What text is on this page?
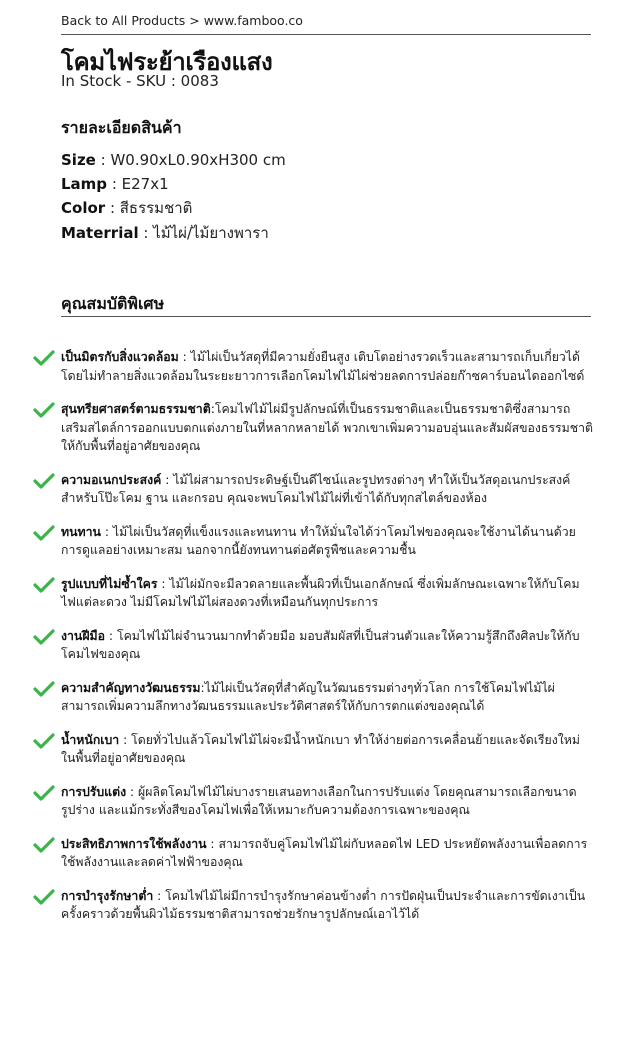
Back to All Products > www.famboo.co
โคมไฟระย้าเรืองแสง
In Stock - SKU : 0083
รายละเอียดสินค้า
Size : W0.90xL0.90xH300 cm
Lamp : E27x1
Color : สีธรรมชาติ
Materrial : ไม้ไผ่/ไม้ยางพารา
คุณสมบัติพิเศษ
เป็นมิตรกับสิ่งแวดล้อม : ไม้ไผ่เป็นวัสดุที่มีความยั่งยืนสูง เติบโตอย่างรวดเร็วและสามารถเก็บเกี่ยวได้โดยไม่ทำลายสิ่งแวดล้อมในระยะยาวการเลือกโคมไฟไม้ไผ่ช่วยลดการปล่อยก๊าซคาร์บอนไดออกไซด์
สุนทรียศาสตร์ตามธรรมชาติ:โคมไฟไม้ไผ่มีรูปลักษณ์ที่เป็นธรรมชาติและเป็นธรรมชาติซึ่งสามารถเสริมสไตล์การออกแบบตกแต่งภายในที่หลากหลายได้ พวกเขาเพิ่มความอบอุ่นและสัมผัสของธรรมชาติให้กับพื้นที่อยู่อาศัยของคุณ
ความอเนกประสงค์ : ไม้ไผ่สามารถประดิษฐ์เป็นดีไซน์และรูปทรงต่างๆ ทำให้เป็นวัสดุอเนกประสงค์สำหรับโป๊ะโคม ฐาน และกรอบ คุณจะพบโคมไฟไม้ไผ่ที่เข้าได้กับทุกสไตล์ของห้อง
ทนทาน : ไม้ไผ่เป็นวัสดุที่แข็งแรงและทนทาน ทำให้มั่นใจได้ว่าโคมไฟของคุณจะใช้งานได้นานด้วยการดูแลอย่างเหมาะสม นอกจากนี้ยังทนทานต่อศัตรูพืชและความชื้น
รูปแบบที่ไม่ซ้ำใคร : ไม้ไผ่มักจะมีลวดลายและพื้นผิวที่เป็นเอกลักษณ์ ซึ่งเพิ่มลักษณะเฉพาะให้กับโคมไฟแต่ละดวง ไม่มีโคมไฟไม้ไผ่สองดวงที่เหมือนกันทุกประการ
งานฝีมือ : โคมไฟไม้ไผ่จำนวนมากทำด้วยมือ มอบสัมผัสที่เป็นส่วนตัวและให้ความรู้สึกถึงศิลปะให้กับโคมไฟของคุณ
ความสำคัญทางวัฒนธรรม:ไม้ไผ่เป็นวัสดุที่สำคัญในวัฒนธรรมต่างๆทั่วโลก การใช้โคมไฟไม้ไผ่สามารถเพิ่มความลึกทางวัฒนธรรมและประวัติศาสตร์ให้กับการตกแต่งของคุณได้
น้ำหนักเบา : โดยทั่วไปแล้วโคมไฟไม้ไผ่จะมีน้ำหนักเบา ทำให้ง่ายต่อการเคลื่อนย้ายและจัดเรียงใหม่ในพื้นที่อยู่อาศัยของคุณ
การปรับแต่ง : ผู้ผลิตโคมไฟไม้ไผ่บางรายเสนอทางเลือกในการปรับแต่ง โดยคุณสามารถเลือกขนาด รูปร่าง และแม้กระทั่งสีของโคมไฟเพื่อให้เหมาะกับความต้องการเฉพาะของคุณ
ประสิทธิภาพการใช้พลังงาน : สามารถจับคู่โคมไฟไม้ไผ่กับหลอดไฟ LED ประหยัดพลังงานเพื่อลดการใช้พลังงานและลดค่าไฟฟ้าของคุณ
การบำรุงรักษาต่ำ : โคมไฟไม้ไผ่มีการบำรุงรักษาค่อนข้างต่ำ การปัดฝุ่นเป็นประจำและการขัดเงาเป็นครั้งคราวด้วยพื้นผิวไม้ธรรมชาติสามารถช่วยรักษารูปลักษณ์เอาไว้ได้
